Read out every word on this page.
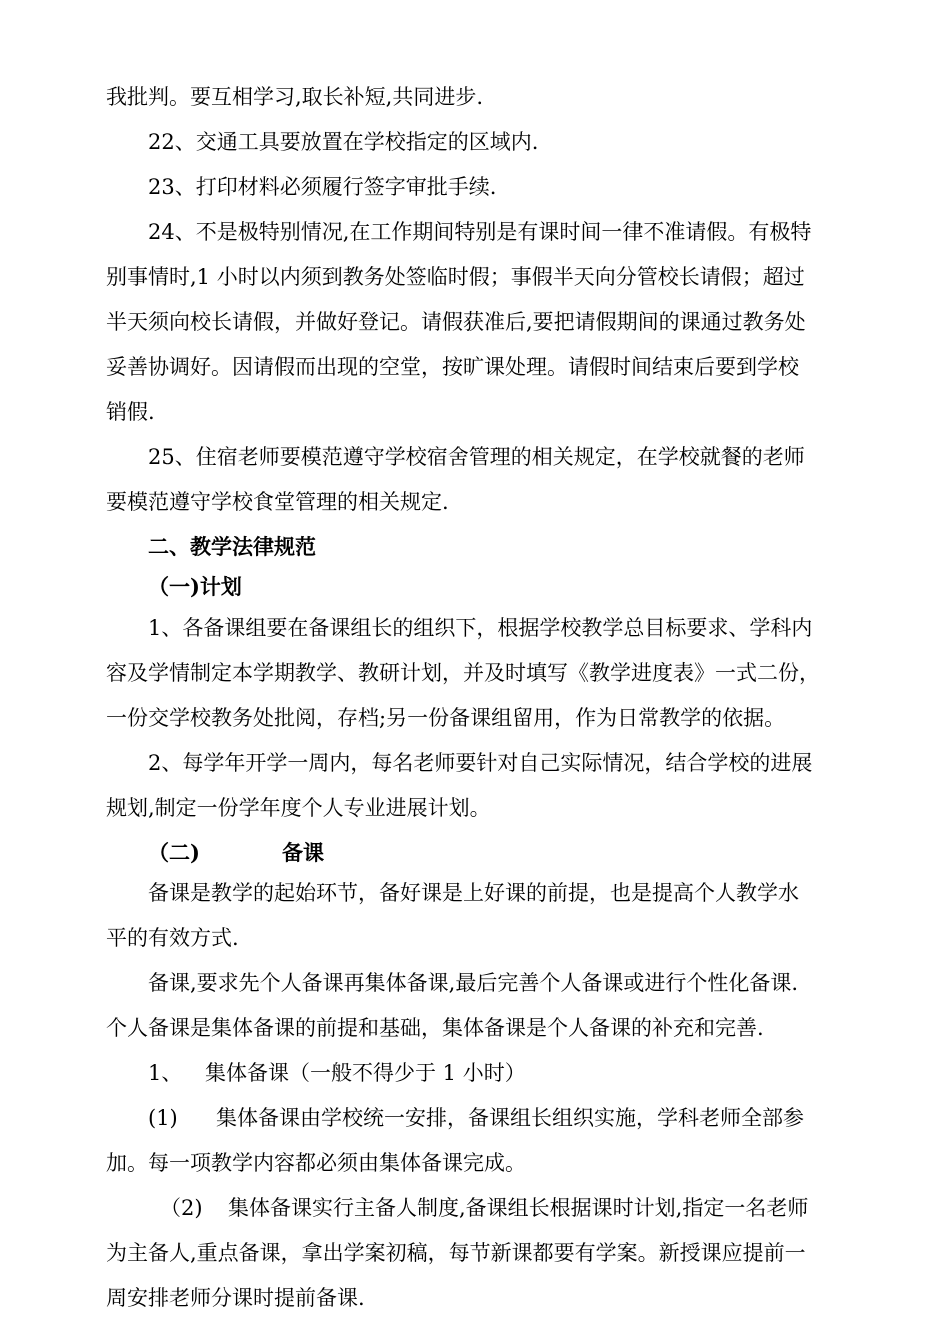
我批判。要互相学习,取长补短,共同进步.
22、交通工具要放置在学校指定的区域内.
23、打印材料必须履行签字审批手续.
24、不是极特别情况,在工作期间特别是有课时间一律不准请假。有极特
别事情时,1 小时以内须到教务处签临时假；事假半天向分管校长请假；超过
半天须向校长请假，并做好登记。请假获准后,要把请假期间的课通过教务处
妥善协调好。因请假而出现的空堂，按旷课处理。请假时间结束后要到学校
销假.
25、住宿老师要模范遵守学校宿舍管理的相关规定，在学校就餐的老师
要模范遵守学校食堂管理的相关规定.
二、教学法律规范
（一)计划
1、各备课组要在备课组长的组织下，根据学校教学总目标要求、学科内
容及学情制定本学期教学、教研计划，并及时填写《教学进度表》一式二份，
一份交学校教务处批阅，存档;另一份备课组留用，作为日常教学的依据。
2、每学年开学一周内，每名老师要针对自己实际情况，结合学校的进展
规划,制定一份学年度个人专业进展计划。
（二)	备课
备课是教学的起始环节，备好课是上好课的前提，也是提高个人教学水
平的有效方式.
备课,要求先个人备课再集体备课,最后完善个人备课或进行个性化备课.
个人备课是集体备课的前提和基础，集体备课是个人备课的补充和完善.
1、 集体备课（一般不得少于 1 小时）
(1) 集体备课由学校统一安排，备课组长组织实施，学科老师全部参
加。每一项教学内容都必须由集体备课完成。
（2) 集体备课实行主备人制度,备课组长根据课时计划,指定一名老师
为主备人,重点备课，拿出学案初稿，每节新课都要有学案。新授课应提前一
周安排老师分课时提前备课.
